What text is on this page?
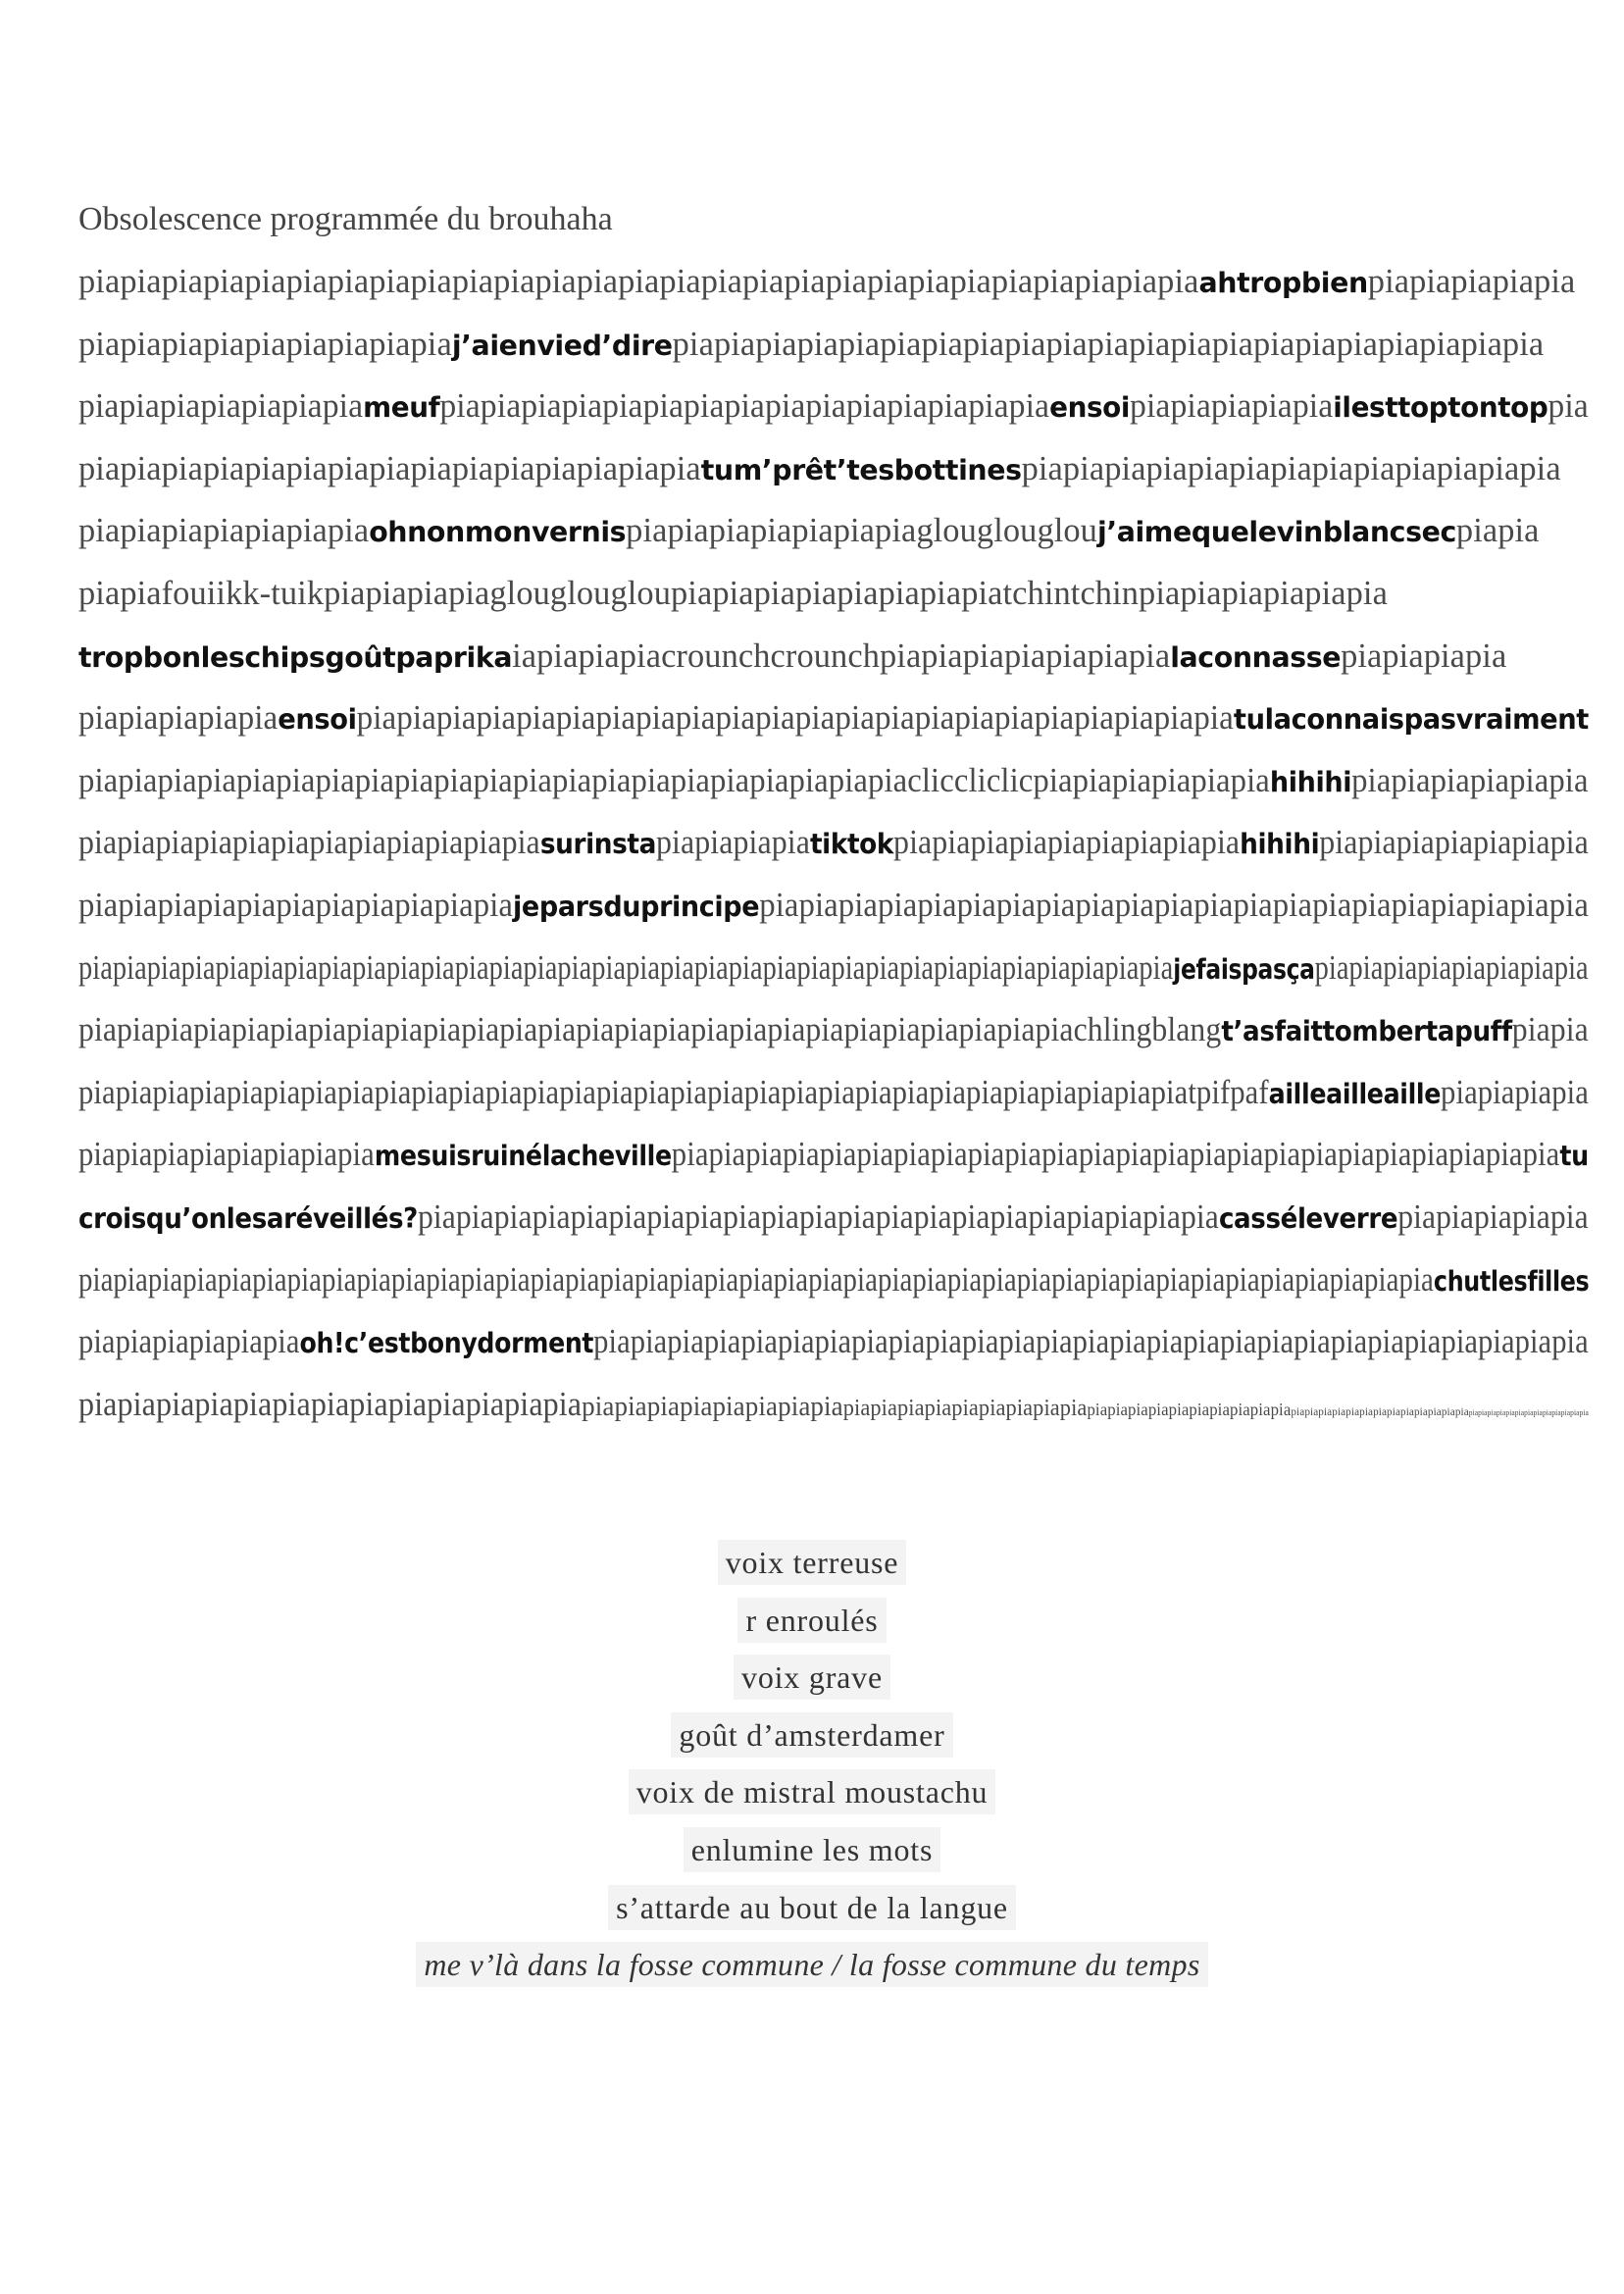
Obsolescence programmée du brouhaha
piapiapiapiapiapiapiapiapiapiapiapiapiapiapiapiapiapiapiapiapiapiapiapiapiapiapiaahtropbienpiapiapiapiapia
piapiapiapiapiapiapiapiapiaj’aienvied’direpiapiapiapiapiapiapiapiapiapiapiapiapiapiapiapiapiapiapiapiapia
piapiapiapiapiapiapiameufpiapiapiapiapiapiapiapiapiapiapiapiapiapiapiaensoipiapiapiapiapiailesttoptontoppia
piapiapiapiapiapiapiapiapiapiapiapiapiapiapiatum’prêt’tesbottinespiapiapiapiapiapiapiapiapiapiapiapiapia
piapiapiapiapiapiapiaohnonmonvernispiapiapiapiapiapiapiaglouglouglouj’aimequelevinblancsecpiapia
piapiafouiikk-tuikpiapiapiapiaglouglougloupiapiapiapiapiapiapiapiatchintchinpiapiapiapiapiapia
tropbonleschipsgoûtpaprikaiapiapiapiacrounchcrounchpiapiapiapiapiapiapialaconnassepiapiapiapia
piapiapiapiapiaensoipiapiapiapiapiapiapiapiapiapiapiapiapiapiapiapiapiapiapiapiapiapiatulaconnaispasvraiment
piapiapiapiapiapiapiapiapiapiapiapiapiapiapiapiapiapiapiapiapiacliccliclicpiapiapiapiapiapiahihihipiapiapiapiapiapia
piapiapiapiapiapiapiapiapiapiapiapiasurinstapiapiapiapiatiktokpiapiapiapiapiapiapiapiapiahihihipiapiapiapiapiapiapia
piapiapiapiapiapiapiapiapiapiapiajeparsduprincipepiapiapiapiapiapiapiapiapiapiapiapiapiapiapiapiapiapiapiapiapia
piapiapiapiapiapiapiapiapiapiapiapiapiapiapiapiapiapiapiapiapiapiapiapiapiapiapiapiapiapiapiapiajefaispasçapiapiapiapiapiapiapiapia
piapiapiapiapiapiapiapiapiapiapiapiapiapiapiapiapiapiapiapiapiapiapiapiapiapiachlingblangt’asfaittombertapuffpiapia
piapiapiapiapiapiapiapiapiapiapiapiapiapiapiapiapiapiapiapiapiapiapiapiapiapiapiapiapiapiatpifpafailleailleaillepiapiapiapia
piapiapiapiapiapiapiapiamesuisruinélachevillepiapiapiapiapiapiapiapiapiapiapiapiapiapiapiapiapiapiapiapiapiapiapiapiatu
croisqu’onlesaréveillés?piapiapiapiapiapiapiapiapiapiapiapiapiapiapiapiapiapiapiapiapiacasséleverrepiapiapiapiapia
piapiapiapiapiapiapiapiapiapiapiapiapiapiapiapiapiapiapiapiapiapiapiapiapiapiapiapiapiapiapiapiapiapiapiapiapiapiapiachutlesfilles
piapiapiapiapiapiaoh!c’estbonydormentpiapiapiapiapiapiapiapiapiapiapiapiapiapiapiapiapiapiapiapiapiapiapiapiapiapiapia
piapiapiapiapiapiapiapiapiapiapiapiapiapiapiapiapiapiapiapiapiapiapiapiapiapiapiapiapiapiapiapiapiapiapiapiapiapiapiapiapiapiapiapiapiapiapiapiapiapiapiapiapiapiapiapiapiapiapiapiapiapiapiapiapiapia
voix terreuse
r enroulés
voix grave
goût d’amsterdamer
voix de mistral moustachu
enlumine les mots
s’attarde au bout de la langue
me v’là dans la fosse commune / la fosse commune du temps
